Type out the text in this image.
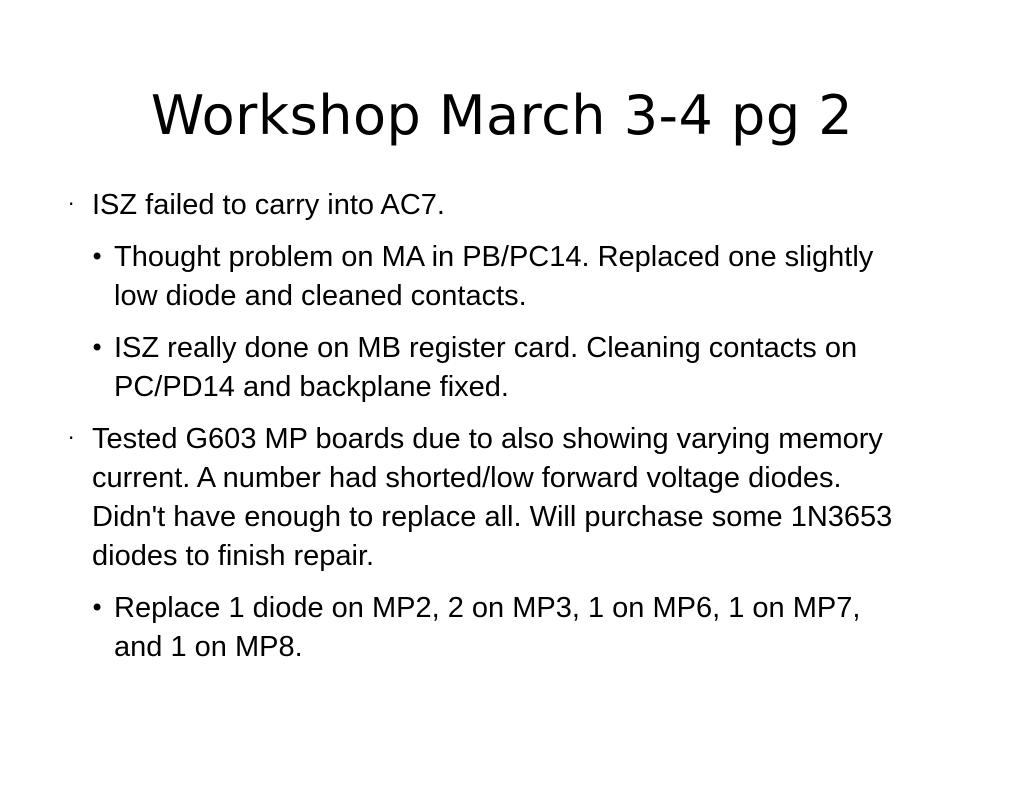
Workshop March 3-4 pg 2
· ISZ failed to carry into AC7.
• Thought problem on MA in PB/PC14. Replaced one slightly low diode and cleaned contacts.
• ISZ really done on MB register card. Cleaning contacts on PC/PD14 and backplane fixed.
· Tested G603 MP boards due to also showing varying memory current. A number had shorted/low forward voltage diodes. Didn't have enough to replace all. Will purchase some 1N3653 diodes to finish repair.
• Replace 1 diode on MP2, 2 on MP3, 1 on MP6, 1 on MP7, and 1 on MP8.
